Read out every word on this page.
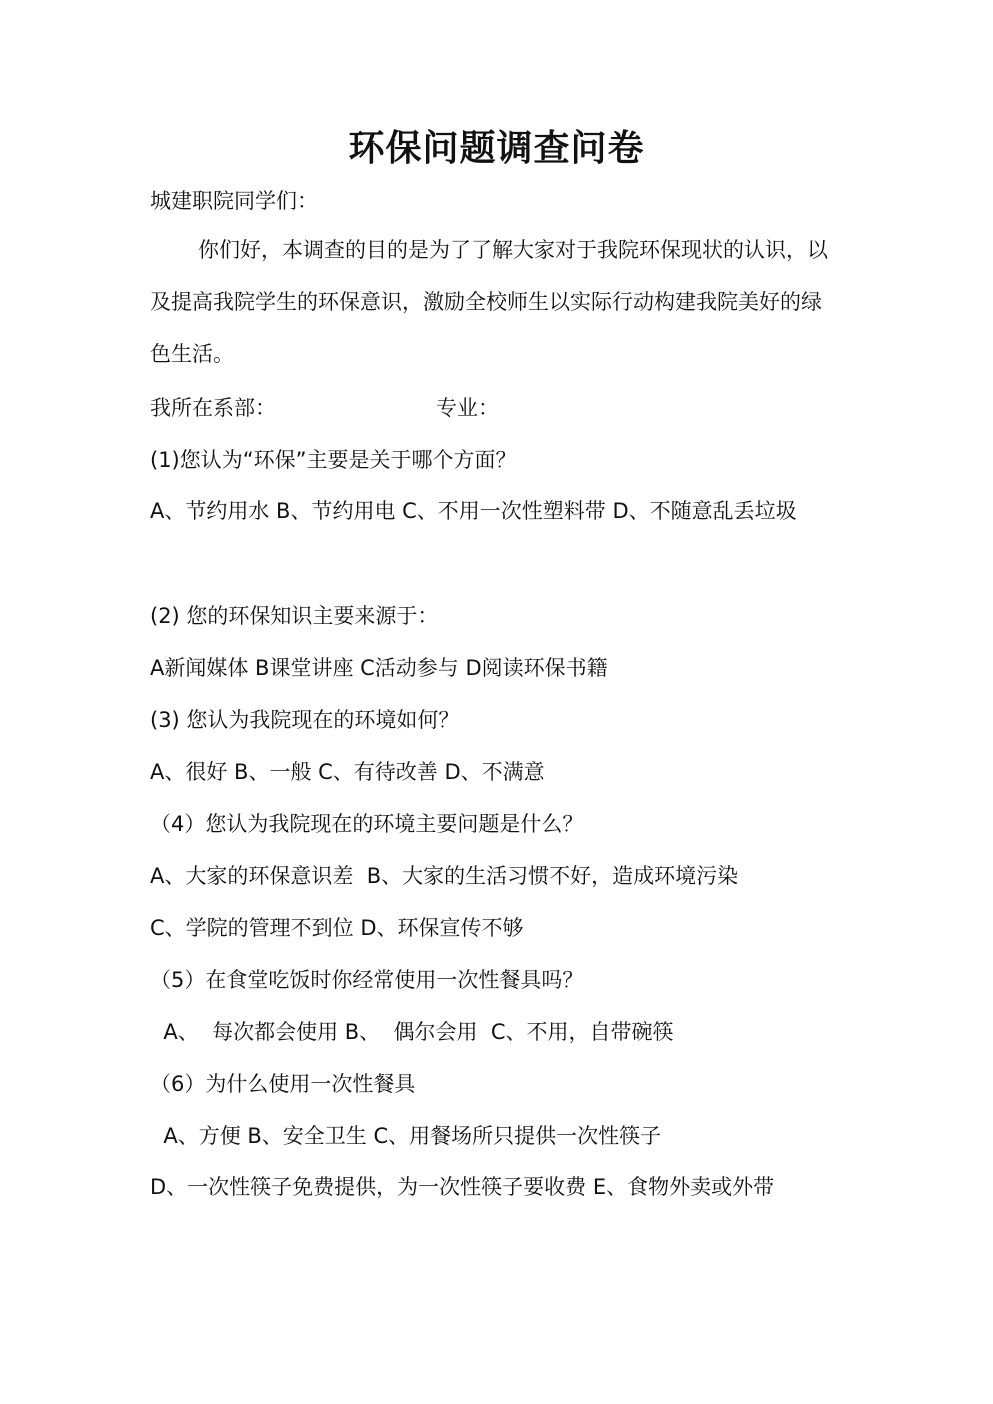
环保问题调查问卷

城建职院同学们：

你们好，本调查的目的是为了了解大家对于我院环保现状的认识，以及提高我院学生的环保意识，激励全校师生以实际行动构建我院美好的绿色生活。

我所在系部：	专业：

(1)您认为“环保”主要是关于哪个方面？

A、节约用水 B、节约用电 C、不用一次性塑料带 D、不随意乱丢垃圾

(2) 您的环保知识主要来源于：

A新闻媒体 B课堂讲座 C活动参与 D阅读环保书籍

(3) 您认为我院现在的环境如何？

A、很好 B、一般 C、有待改善 D、不满意

（4）您认为我院现在的环境主要问题是什么？

A、大家的环保意识差  B、大家的生活习惯不好，造成环境污染

C、学院的管理不到位 D、环保宣传不够

（5）在食堂吃饭时你经常使用一次性餐具吗？

A、  每次都会使用 B、  偶尔会用  C、不用，自带碗筷

（6）为什么使用一次性餐具

A、方便 B、安全卫生 C、用餐场所只提供一次性筷子

D、一次性筷子免费提供，为一次性筷子要收费 E、食物外卖或外带
